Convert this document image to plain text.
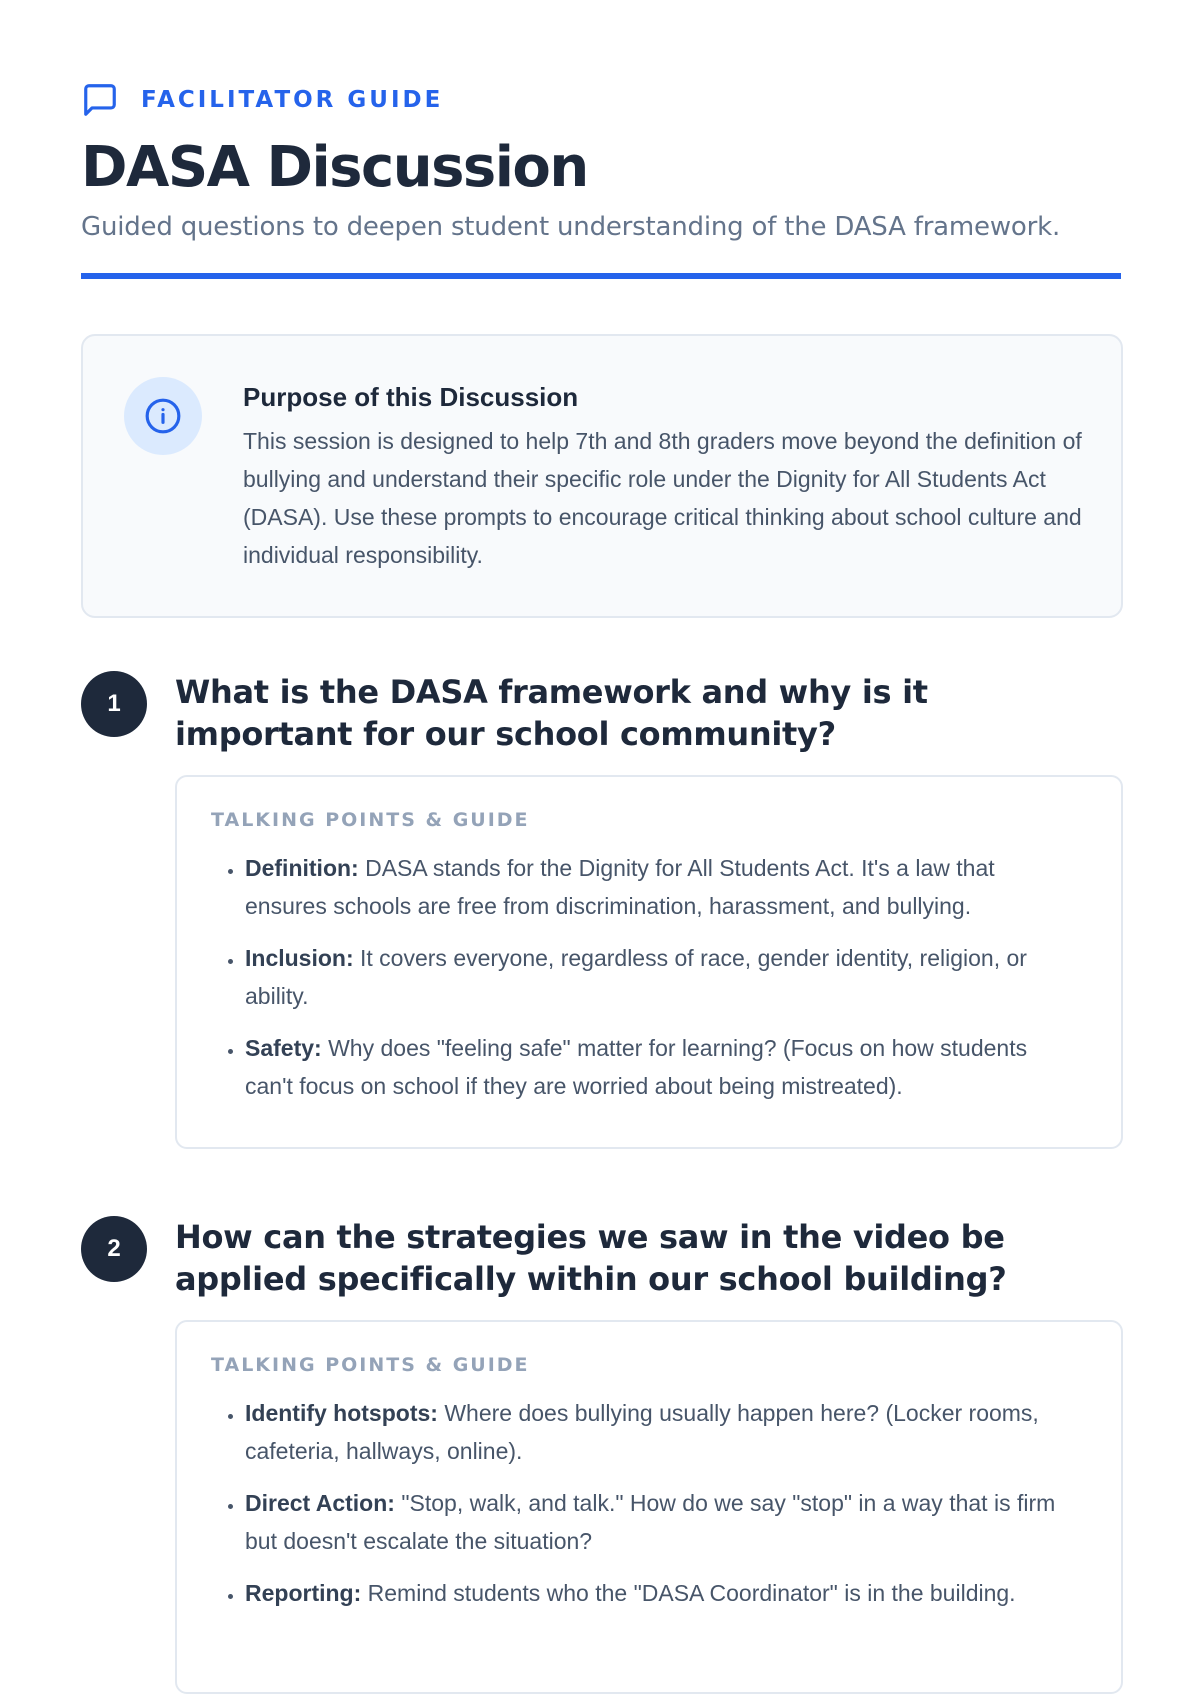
FACILITATOR GUIDE
DASA Discussion
Guided questions to deepen student understanding of the DASA framework.
Purpose of this Discussion
This session is designed to help 7th and 8th graders move beyond the definition of bullying and understand their specific role under the Dignity for All Students Act (DASA). Use these prompts to encourage critical thinking about school culture and individual responsibility.
1	What is the DASA framework and why is it important for our school community?
TALKING POINTS & GUIDE
• Definition: DASA stands for the Dignity for All Students Act. It's a law that ensures schools are free from discrimination, harassment, and bullying.
• Inclusion: It covers everyone, regardless of race, gender identity, religion, or ability.
• Safety: Why does "feeling safe" matter for learning? (Focus on how students can't focus on school if they are worried about being mistreated).
2	How can the strategies we saw in the video be applied specifically within our school building?
TALKING POINTS & GUIDE
• Identify hotspots: Where does bullying usually happen here? (Locker rooms, cafeteria, hallways, online).
• Direct Action: "Stop, walk, and talk." How do we say "stop" in a way that is firm but doesn't escalate the situation?
• Reporting: Remind students who the "DASA Coordinator" is in the building.
